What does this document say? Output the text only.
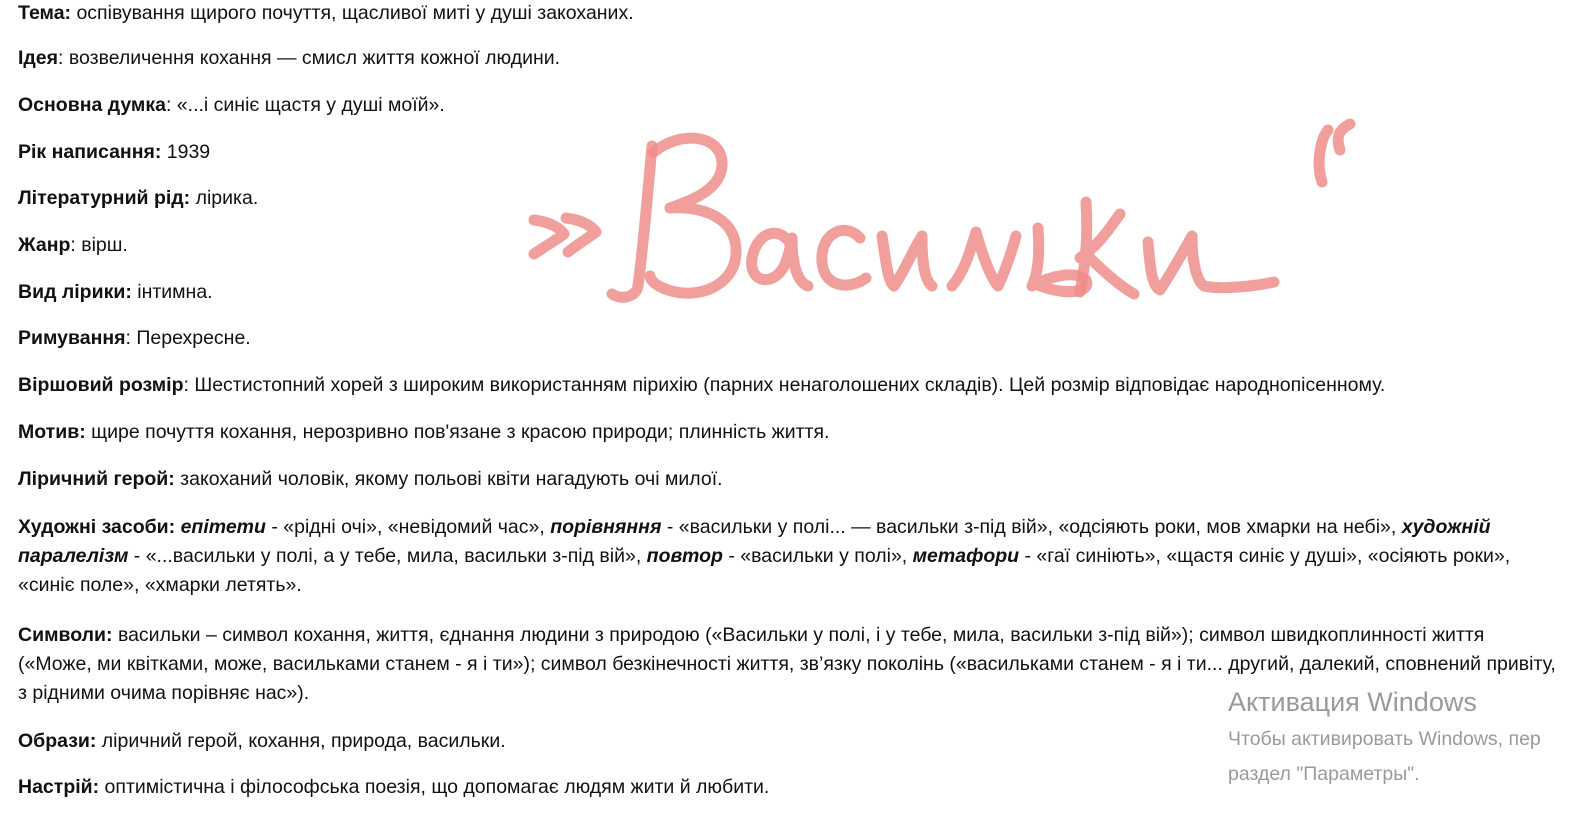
Тема: оспівування щирого почуття, щасливої миті у душі закоханих.

Ідея: возвеличення кохання — смисл життя кожної людини.

Основна думка: «...і синіє щастя у душі моїй».

Рік написання: 1939

Літературний рід: лірика.

Жанр: вірш.

Вид лірики: інтимна.

Римування: Перехресне.

Віршовий розмір: Шестистопний хорей з широким використанням пірихію (парних ненаголошених складів). Цей розмір відповідає народнопісенному.

Мотив: щире почуття кохання, нерозривно пов'язане з красою природи; плинність життя.

Ліричний герой: закоханий чоловік, якому польові квіти нагадують очі милої.

Художні засоби: епітети - «рідні очі», «невідомий час», порівняння - «васильки у полі... — васильки з-під вій», «одсіяють роки, мов хмарки на небі», художній паралелізм - «...васильки у полі, а у тебе, мила, васильки з-під вій», повтор - «васильки у полі», метафори - «гаї синіють», «щастя синіє у душі», «осіяють роки», «синіє поле», «хмарки летять».

Символи: васильки – символ кохання, життя, єднання людини з природою («Васильки у полі, і у тебе, мила, васильки з-під вій»); символ швидкоплинності життя («Може, ми квітками, може, васильками станем - я і ти»); символ безкінечності життя, зв’язку поколінь («васильками станем - я і ти... другий, далекий, сповнений привіту, з рідними очима порівняє нас»).

Образи: ліричний герой, кохання, природа, васильки.

Настрій: оптимістична і філософська поезія, що допомагає людям жити й любити.

Активация Windows
Чтобы активировать Windows, пер
раздел "Параметры".
